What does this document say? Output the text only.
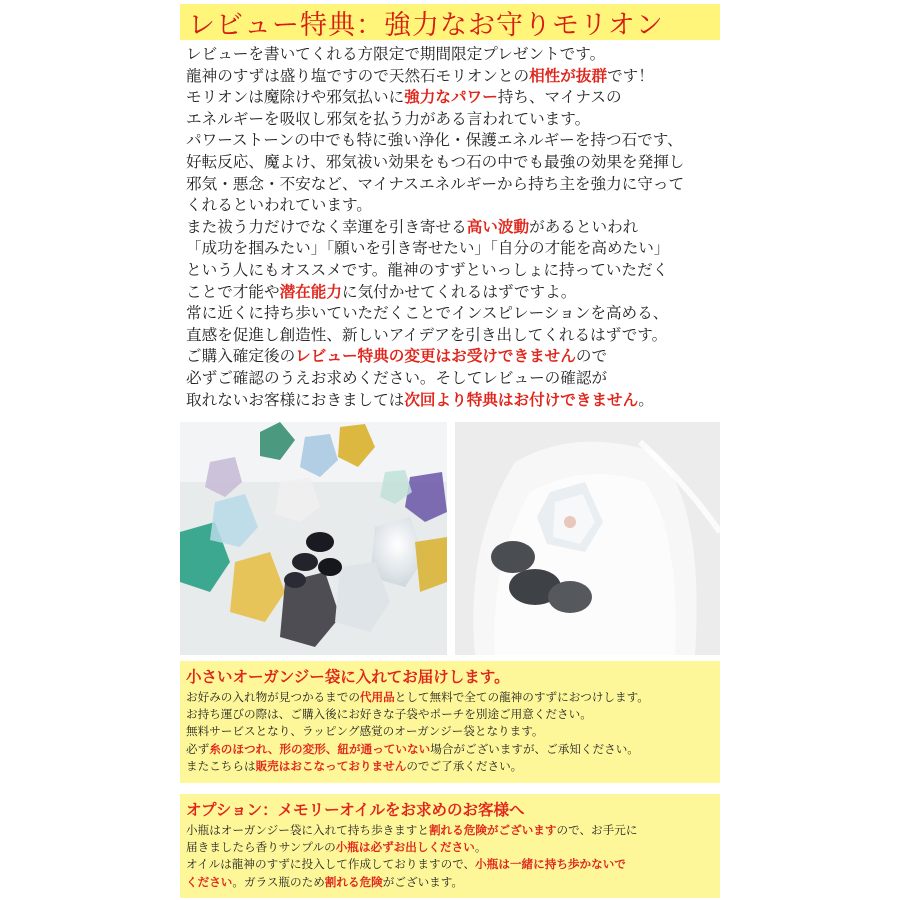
レビュー特典：強力なお守りモリオン
レビューを書いてくれる方限定で期間限定プレゼントです。
龍神のすずは盛り塩ですので天然石モリオンとの相性が抜群です！
モリオンは魔除けや邪気払いに強力なパワー持ち、マイナスの
エネルギーを吸収し邪気を払う力がある言われています。
パワーストーンの中でも特に強い浄化・保護エネルギーを持つ石です、
好転反応、魔よけ、邪気祓い効果をもつ石の中でも最強の効果を発揮し
邪気・悪念・不安など、マイナスエネルギーから持ち主を強力に守って
くれるといわれています。
また祓う力だけでなく幸運を引き寄せる高い波動があるといわれ
「成功を掴みたい」「願いを引き寄せたい」「自分の才能を高めたい」
という人にもオススメです。龍神のすずといっしょに持っていただく
ことで才能や潜在能力に気付かせてくれるはずですよ。
常に近くに持ち歩いていただくことでインスピレーションを高める、
直感を促進し創造性、新しいアイデアを引き出してくれるはずです。
ご購入確定後のレビュー特典の変更はお受けできませんので
必ずご確認のうえお求めください。そしてレビューの確認が
取れないお客様におきましては次回より特典はお付けできません。
小さいオーガンジー袋に入れてお届けします。
お好みの入れ物が見つかるまでの代用品として無料で全ての龍神のすずにおつけします。
お持ち運びの際は、ご購入後にお好きな子袋やポーチを別途ご用意ください。
無料サービスとなり、ラッピング感覚のオーガンジー袋となります。
必ず糸のほつれ、形の変形、紐が通っていない場合がございますが、ご承知ください。
またこちらは販売はおこなっておりませんのでご了承ください。
オプション：メモリーオイルをお求めのお客様へ
小瓶はオーガンジー袋に入れて持ち歩きますと割れる危険がございますので、お手元に
届きましたら香りサンプルの小瓶は必ずお出しください。
オイルは龍神のすずに投入して作成しておりますので、小瓶は一緒に持ち歩かないで
ください。ガラス瓶のため割れる危険がございます。
